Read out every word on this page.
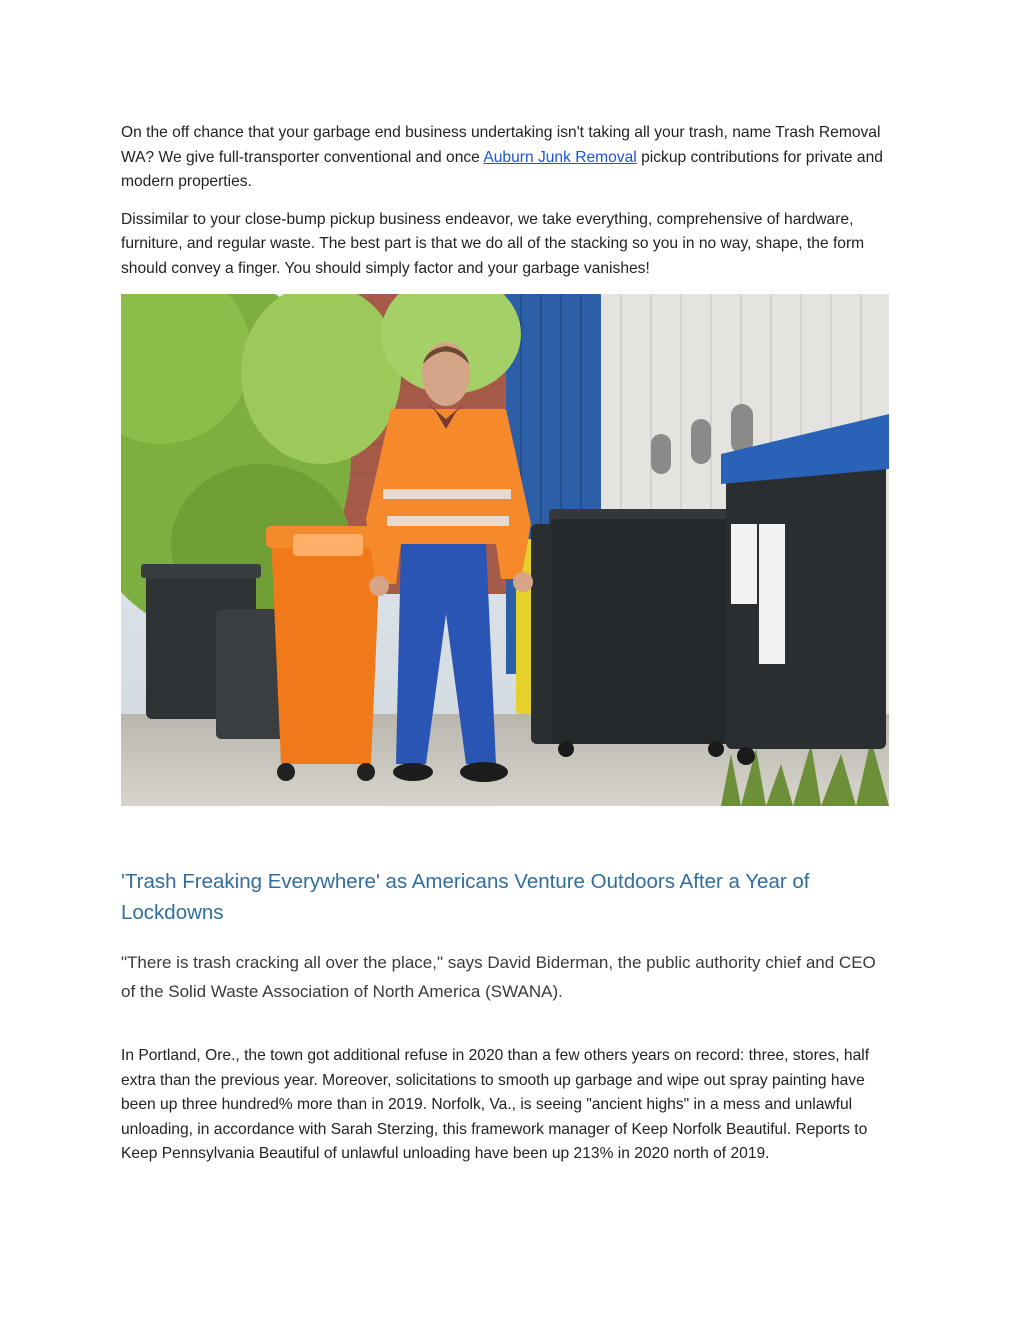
On the off chance that your garbage end business undertaking isn't taking all your trash, name Trash Removal WA? We give full-transporter conventional and once Auburn Junk Removal pickup contributions for private and modern properties.

Dissimilar to your close-bump pickup business endeavor, we take everything, comprehensive of hardware, furniture, and regular waste. The best part is that we do all of the stacking so you in no way, shape, the form should convey a finger. You should simply factor and your garbage vanishes!

'Trash Freaking Everywhere' as Americans Venture Outdoors After a Year of Lockdowns

"There is trash cracking all over the place," says David Biderman, the public authority chief and CEO of the Solid Waste Association of North America (SWANA).

In Portland, Ore., the town got additional refuse in 2020 than a few others years on record: three, stores, half extra than the previous year. Moreover, solicitations to smooth up garbage and wipe out spray painting have been up three hundred% more than in 2019. Norfolk, Va., is seeing "ancient highs" in a mess and unlawful unloading, in accordance with Sarah Sterzing, this framework manager of Keep Norfolk Beautiful. Reports to Keep Pennsylvania Beautiful of unlawful unloading have been up 213% in 2020 north of 2019.
